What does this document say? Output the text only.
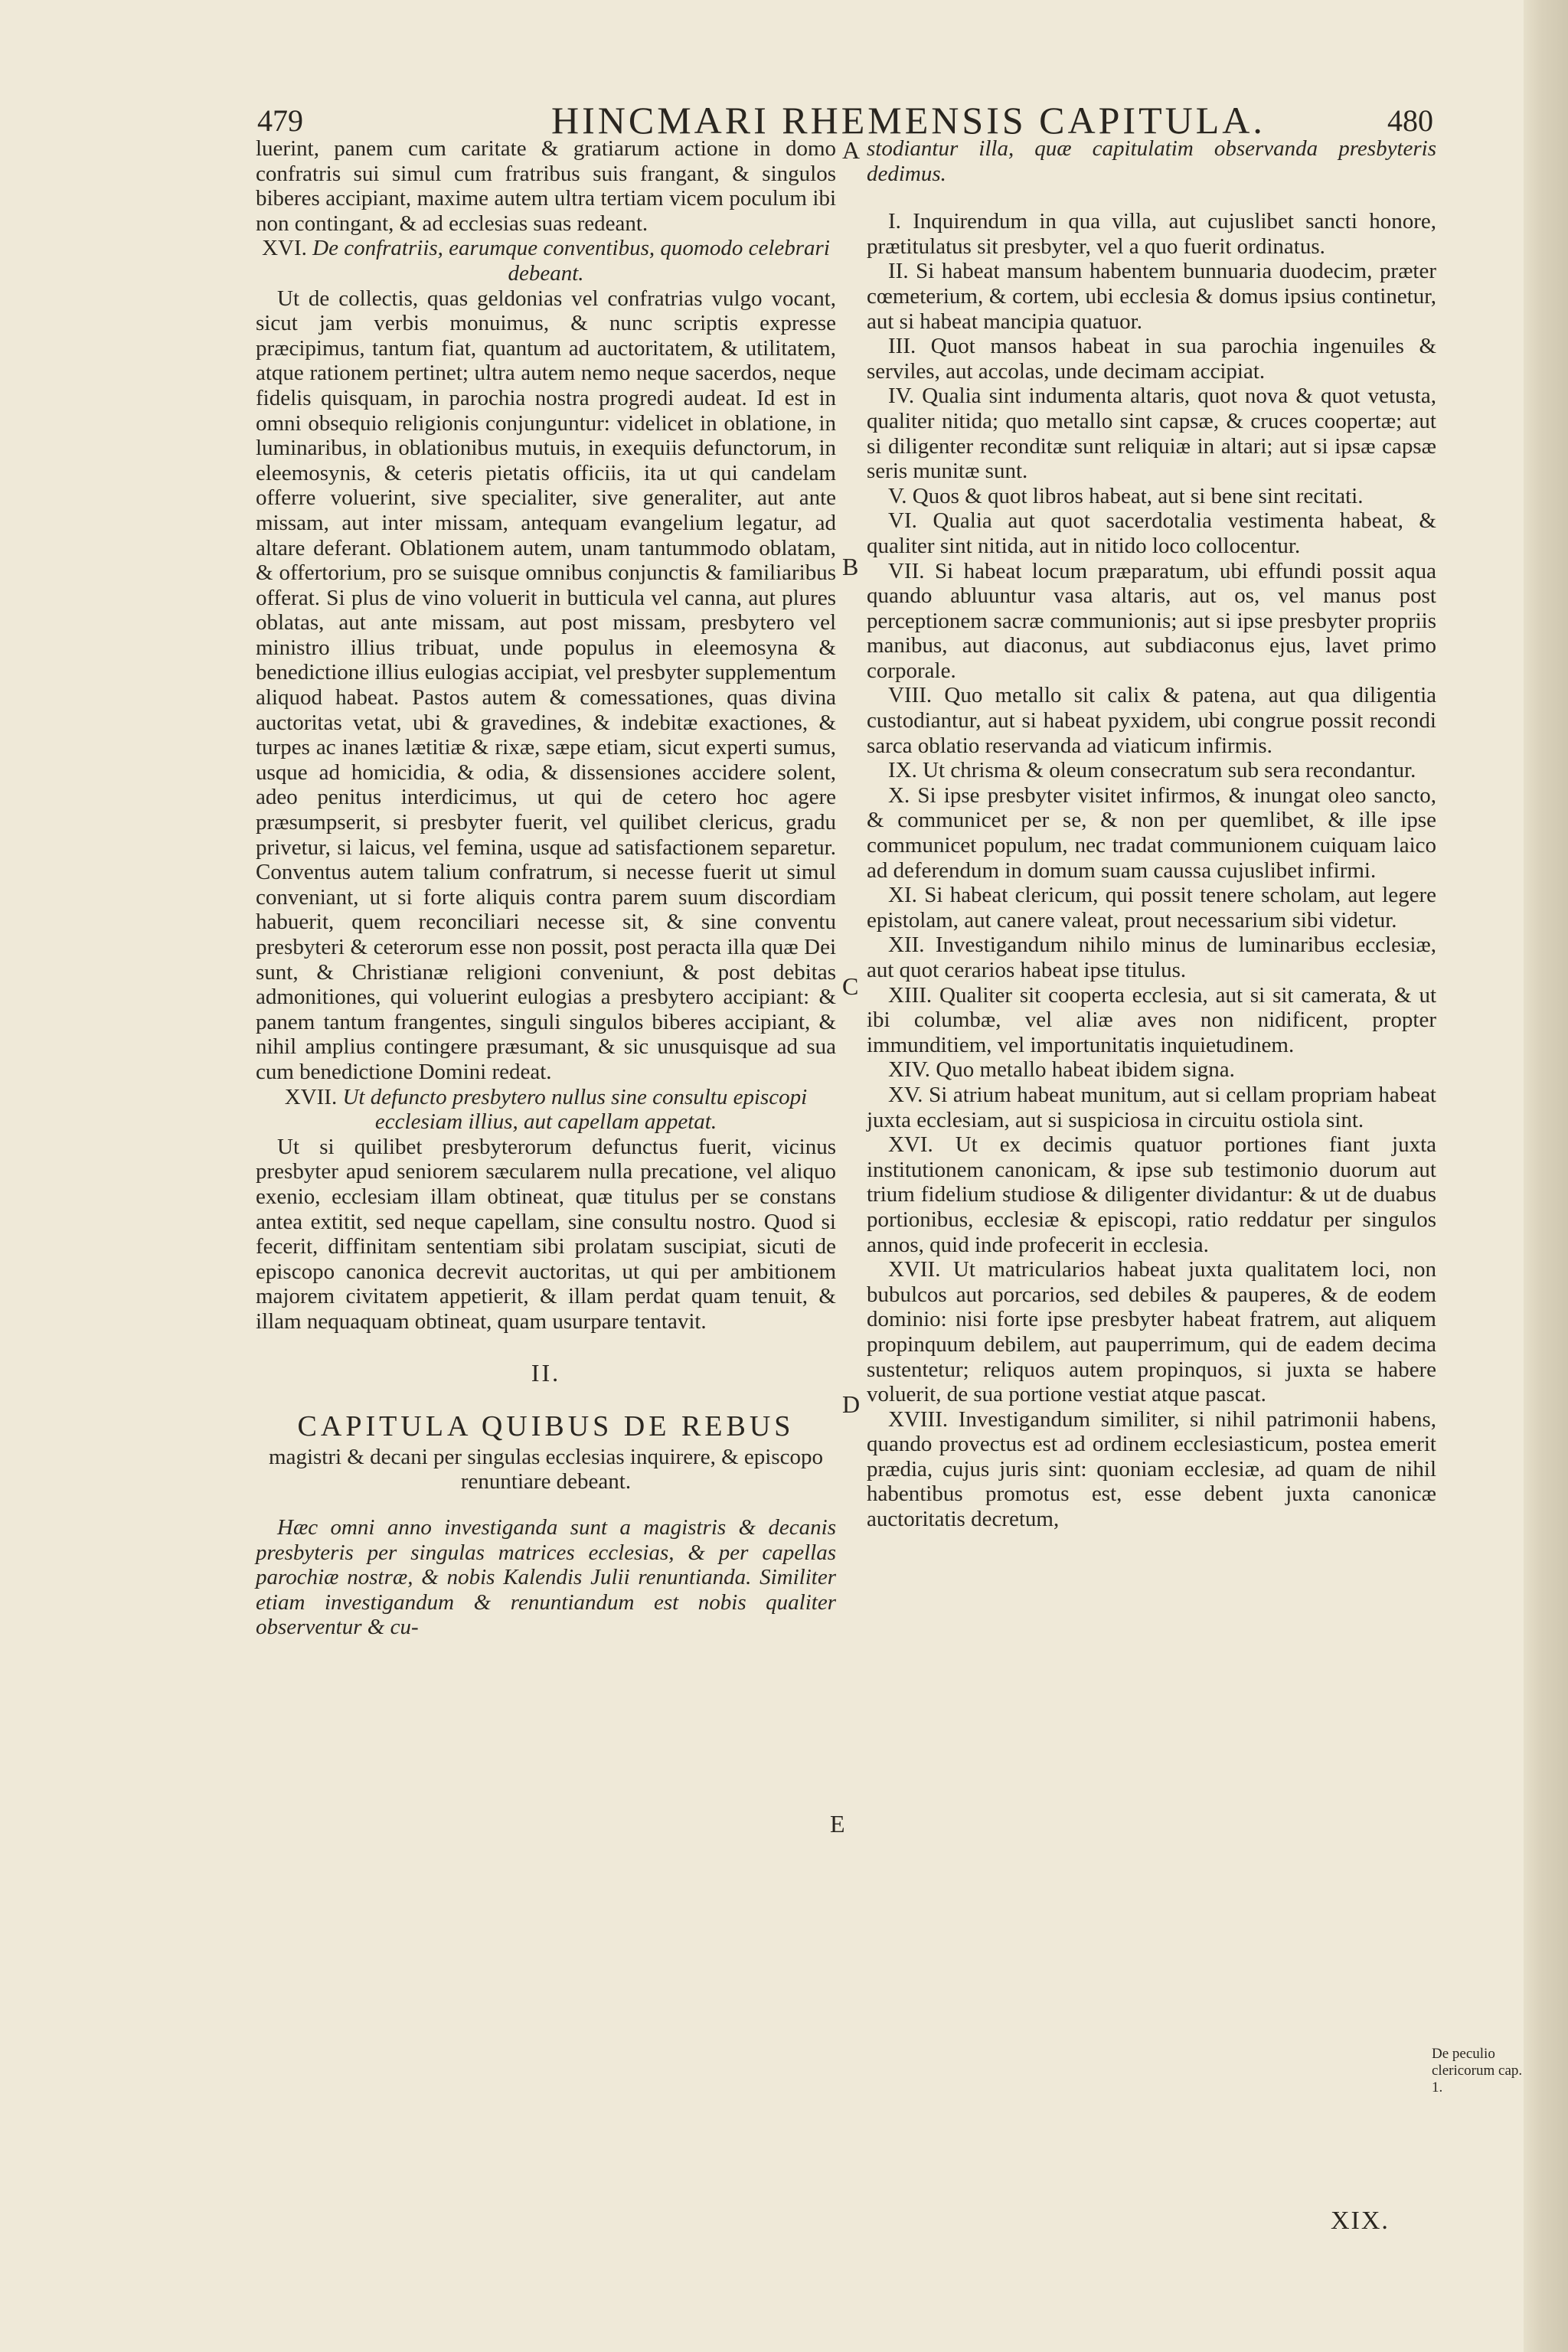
479	HINCMARI RHEMENSIS CAPITULA.	480

luerint, panem cum caritate & gratiarum actione in domo confratris sui simul cum fratribus suis frangant, & singulos biberes accipiant, maxime autem ultra tertiam vicem poculum ibi non contingant, & ad ecclesias suas redeant.

XVI. De confratriis, earumque conventibus, quomodo celebrari debeant.

Ut de collectis, quas geldonias vel confratrias vulgo vocant, sicut jam verbis monuimus, & nunc scriptis expresse præcipimus, tantum fiat, quantum ad auctoritatem, & utilitatem, atque rationem pertinet; ultra autem nemo neque sacerdos, neque fidelis quisquam, in parochia nostra progredi audeat. Id est in omni obsequio religionis conjunguntur: videlicet in oblatione, in luminaribus, in oblationibus mutuis, in exequiis defunctorum, in eleemosynis, & ceteris pietatis officiis, ita ut qui candelam offerre voluerint, sive specialiter, sive generaliter, aut ante missam, aut inter missam, antequam evangelium legatur, ad altare deferant. Oblationem autem, unam tantummodo oblatam, & offertorium, pro se suisque omnibus conjunctis & familiaribus offerat. Si plus de vino voluerit in butticula vel canna, aut plures oblatas, aut ante missam, aut post missam, presbytero vel ministro illius tribuat, unde populus in eleemosyna & benedictione illius eulogias accipiat, vel presbyter supplementum aliquod habeat. Pastos autem & comessationes, quas divina auctoritas vetat, ubi & gravedines, & indebitæ exactiones, & turpes ac inanes lætitiæ & rixæ, sæpe etiam, sicut experti sumus, usque ad homicidia, & odia, & dissensiones accidere solent, adeo penitus interdicimus, ut qui de cetero hoc agere præsumpserit, si presbyter fuerit, vel quilibet clericus, gradu privetur, si laicus, vel femina, usque ad satisfactionem separetur. Conventus autem talium confratrum, si necesse fuerit ut simul conveniant, ut si forte aliquis contra parem suum discordiam habuerit, quem reconciliari necesse sit, & sine conventu presbyteri & ceterorum esse non possit, post peracta illa quæ Dei sunt, & Christianæ religioni conveniunt, & post debitas admonitiones, qui voluerint eulogias a presbytero accipiant: & panem tantum frangentes, singuli singulos biberes accipiant, & nihil amplius contingere præsumant, & sic unusquisque ad sua cum benedictione Domini redeat.

XVII. Ut defuncto presbytero nullus sine consultu episcopi ecclesiam illius, aut capellam appetat.

Ut si quilibet presbyterorum defunctus fuerit, vicinus presbyter apud seniorem sæcularem nulla precatione, vel aliquo exenio, ecclesiam illam obtineat, quæ titulus per se constans antea extitit, sed neque capellam, sine consultu nostro. Quod si fecerit, diffinitam sententiam sibi prolatam suscipiat, sicuti de episcopo canonica decrevit auctoritas, ut qui per ambitionem majorem civitatem appetierit, & illam perdat quam tenuit, & illam nequaquam obtineat, quam usurpare tentavit.

II.
CAPITULA QUIBUS DE REBUS
magistri & decani per singulas ecclesias inquirere, & episcopo renuntiare debeant.

Hæc omni anno investiganda sunt a magistris & decanis presbyteris per singulas matrices ecclesias, & per capellas parochiæ nostræ, & nobis Kalendis Julii renuntianda. Similiter etiam investigandum & renuntiandum est nobis qualiter observentur & cu-

stodiantur illa, quæ capitulatim observanda presbyteris dedimus.

I. Inquirendum in qua villa, aut cujuslibet sancti honore, prætitulatus sit presbyter, vel a quo fuerit ordinatus.

II. Si habeat mansum habentem bunnuaria duodecim, præter cœmeterium, & cortem, ubi ecclesia & domus ipsius continetur, aut si habeat mancipia quatuor.

III. Quot mansos habeat in sua parochia ingenuiles & serviles, aut accolas, unde decimam accipiat.

IV. Qualia sint indumenta altaris, quot nova & quot vetusta, qualiter nitida; quo metallo sint capsæ, & cruces coopertæ; aut si diligenter reconditæ sunt reliquiæ in altari; aut si ipsæ capsæ seris munitæ sunt.

V. Quos & quot libros habeat, aut si bene sint recitati.

VI. Qualia aut quot sacerdotalia vestimenta habeat, & qualiter sint nitida, aut in nitido loco collocentur.

VII. Si habeat locum præparatum, ubi effundi possit aqua quando abluuntur vasa altaris, aut os, vel manus post perceptionem sacræ communionis; aut si ipse presbyter propriis manibus, aut diaconus, aut subdiaconus ejus, lavet primo corporale.

VIII. Quo metallo sit calix & patena, aut qua diligentia custodiantur, aut si habeat pyxidem, ubi congrue possit recondi sarca oblatio reservanda ad viaticum infirmis.

IX. Ut chrisma & oleum consecratum sub sera recondantur.

X. Si ipse presbyter visitet infirmos, & inungat oleo sancto, & communicet per se, & non per quemlibet, & ille ipse communicet populum, nec tradat communionem cuiquam laico ad deferendum in domum suam caussa cujuslibet infirmi.

XI. Si habeat clericum, qui possit tenere scholam, aut legere epistolam, aut canere valeat, prout necessarium sibi videtur.

XII. Investigandum nihilo minus de luminaribus ecclesiæ, aut quot cerarios habeat ipse titulus.

XIII. Qualiter sit cooperta ecclesia, aut si sit camerata, & ut ibi columbæ, vel aliæ aves non nidificent, propter immunditiem, vel importunitatis inquietudinem.

XIV. Quo metallo habeat ibidem signa.

XV. Si atrium habeat munitum, aut si cellam propriam habeat juxta ecclesiam, aut si suspiciosa in circuitu ostiola sint.

XVI. Ut ex decimis quatuor portiones fiant juxta institutionem canonicam, & ipse sub testimonio duorum aut trium fidelium studiose & diligenter dividantur: & ut de duabus portionibus, ecclesiæ & episcopi, ratio reddatur per singulos annos, quid inde profecerit in ecclesia.

XVII. Ut matricularios habeat juxta qualitatem loci, non bubulcos aut porcarios, sed debiles & pauperes, & de eodem dominio: nisi forte ipse presbyter habeat fratrem, aut aliquem propinquum debilem, aut pauperrimum, qui de eadem decima sustentetur; reliquos autem propinquos, si juxta se habere voluerit, de sua portione vestiat atque pascat.

XVIII. Investigandum similiter, si nihil patrimonii habens, quando provectus est ad ordinem ecclesiasticum, postea emerit prædia, cujus juris sint: quoniam ecclesiæ, ad quam de nihil habentibus promotus est, esse debent juxta canonicæ auctoritatis decretum,

A
B
C
D
E
De peculio clericorum cap. 1.
XIX.
